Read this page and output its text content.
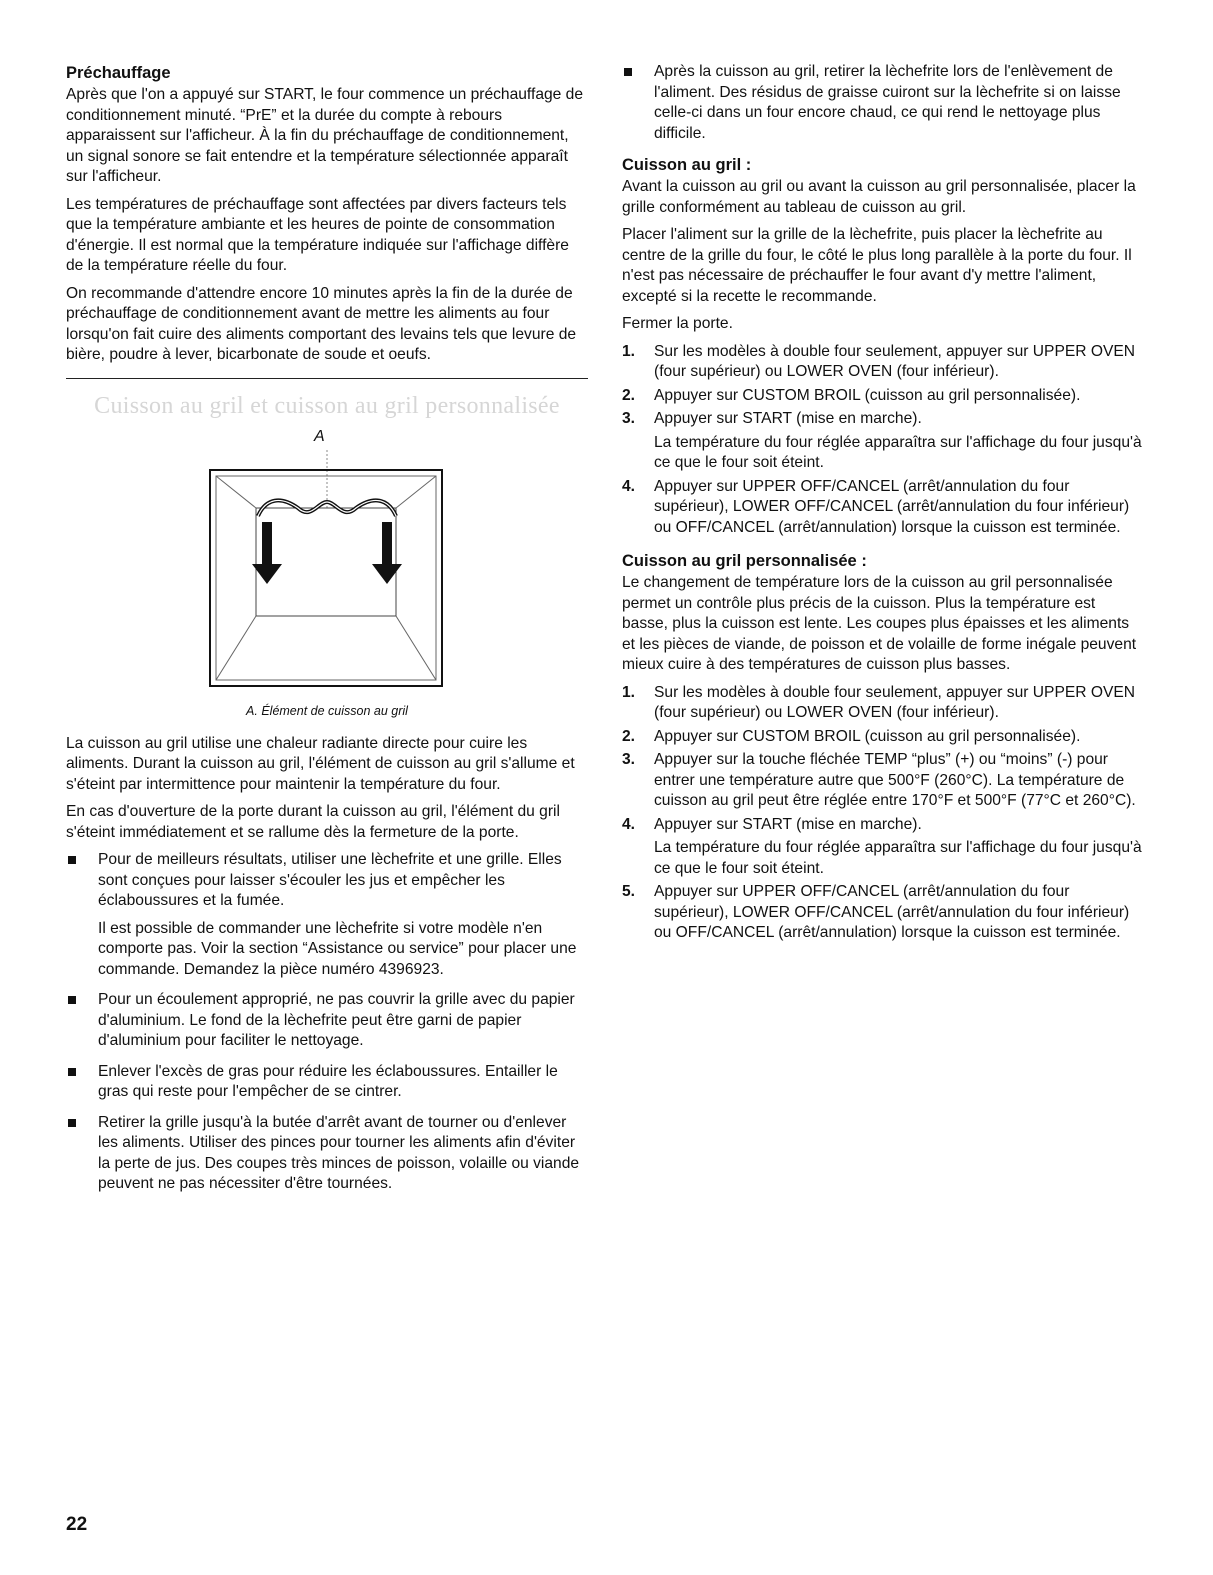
Préchauffage

Après que l'on a appuyé sur START, le four commence un préchauffage de conditionnement minuté. “PrE” et la durée du compte à rebours apparaissent sur l'afficheur. À la fin du préchauffage de conditionnement, un signal sonore se fait entendre et la température sélectionnée apparaît sur l'afficheur.

Les températures de préchauffage sont affectées par divers facteurs tels que la température ambiante et les heures de pointe de consommation d'énergie. Il est normal que la température indiquée sur l'affichage diffère de la température réelle du four.

On recommande d'attendre encore 10 minutes après la fin de la durée de préchauffage de conditionnement avant de mettre les aliments au four lorsqu'on fait cuire des aliments comportant des levains tels que levure de bière, poudre à lever, bicarbonate de soude et oeufs.

Cuisson au gril et cuisson au gril personnalisée
A
A. Élément de cuisson au gril

La cuisson au gril utilise une chaleur radiante directe pour cuire les aliments. Durant la cuisson au gril, l'élément de cuisson au gril s'allume et s'éteint par intermittence pour maintenir la température du four.

En cas d'ouverture de la porte durant la cuisson au gril, l'élément du gril s'éteint immédiatement et se rallume dès la fermeture de la porte.

Pour de meilleurs résultats, utiliser une lèchefrite et une grille. Elles sont conçues pour laisser s'écouler les jus et empêcher les éclaboussures et la fumée.

Il est possible de commander une lèchefrite si votre modèle n'en comporte pas. Voir la section “Assistance ou service” pour placer une commande. Demandez la pièce numéro 4396923.

Pour un écoulement approprié, ne pas couvrir la grille avec du papier d'aluminium. Le fond de la lèchefrite peut être garni de papier d'aluminium pour faciliter le nettoyage.

Enlever l'excès de gras pour réduire les éclaboussures. Entailler le gras qui reste pour l'empêcher de se cintrer.

Retirer la grille jusqu'à la butée d'arrêt avant de tourner ou d'enlever les aliments. Utiliser des pinces pour tourner les aliments afin d'éviter la perte de jus. Des coupes très minces de poisson, volaille ou viande peuvent ne pas nécessiter d'être tournées.

Après la cuisson au gril, retirer la lèchefrite lors de l'enlèvement de l'aliment. Des résidus de graisse cuiront sur la lèchefrite si on laisse celle-ci dans un four encore chaud, ce qui rend le nettoyage plus difficile.

Cuisson au gril :

Avant la cuisson au gril ou avant la cuisson au gril personnalisée, placer la grille conformément au tableau de cuisson au gril.

Placer l'aliment sur la grille de la lèchefrite, puis placer la lèchefrite au centre de la grille du four, le côté le plus long parallèle à la porte du four. Il n'est pas nécessaire de préchauffer le four avant d'y mettre l'aliment, excepté si la recette le recommande.

Fermer la porte.

1. Sur les modèles à double four seulement, appuyer sur UPPER OVEN (four supérieur) ou LOWER OVEN (four inférieur).

2. Appuyer sur CUSTOM BROIL (cuisson au gril personnalisée).

3. Appuyer sur START (mise en marche).

La température du four réglée apparaîtra sur l'affichage du four jusqu'à ce que le four soit éteint.

4. Appuyer sur UPPER OFF/CANCEL (arrêt/annulation du four supérieur), LOWER OFF/CANCEL (arrêt/annulation du four inférieur) ou OFF/CANCEL (arrêt/annulation) lorsque la cuisson est terminée.

Cuisson au gril personnalisée :

Le changement de température lors de la cuisson au gril personnalisée permet un contrôle plus précis de la cuisson. Plus la température est basse, plus la cuisson est lente. Les coupes plus épaisses et les aliments et les pièces de viande, de poisson et de volaille de forme inégale peuvent mieux cuire à des températures de cuisson plus basses.

1. Sur les modèles à double four seulement, appuyer sur UPPER OVEN (four supérieur) ou LOWER OVEN (four inférieur).

2. Appuyer sur CUSTOM BROIL (cuisson au gril personnalisée).

3. Appuyer sur la touche fléchée TEMP “plus” (+) ou “moins” (-) pour entrer une température autre que 500°F (260°C). La température de cuisson au gril peut être réglée entre 170°F et 500°F (77°C et 260°C).

4. Appuyer sur START (mise en marche).

La température du four réglée apparaîtra sur l'affichage du four jusqu'à ce que le four soit éteint.

5. Appuyer sur UPPER OFF/CANCEL (arrêt/annulation du four supérieur), LOWER OFF/CANCEL (arrêt/annulation du four inférieur) ou OFF/CANCEL (arrêt/annulation) lorsque la cuisson est terminée.

22
